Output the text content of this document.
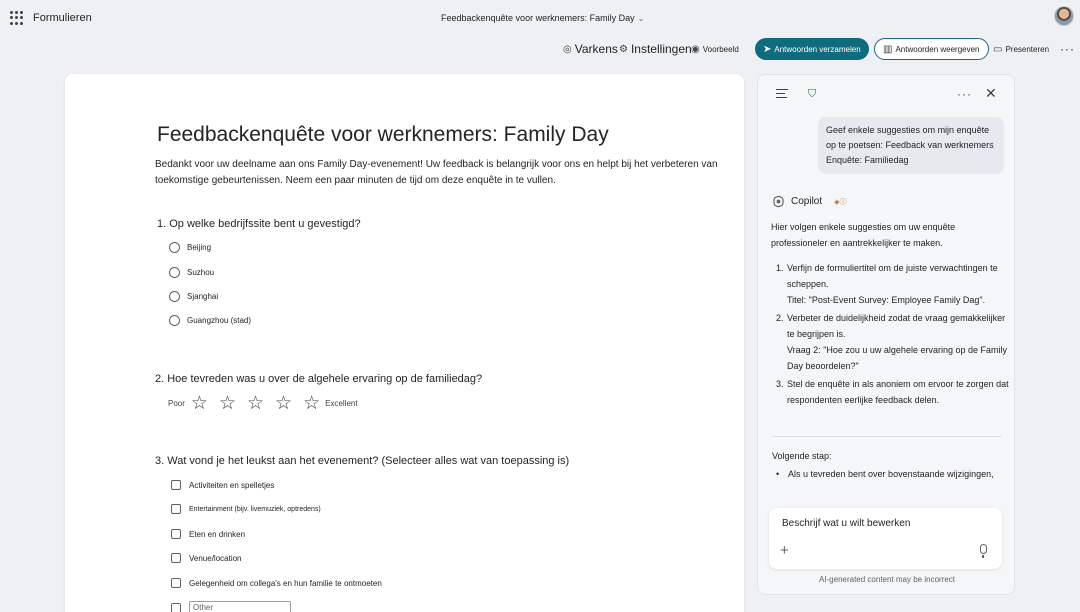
Formulieren	Feedbackenquête voor werknemers: Family Day ⌄
◎ Varkens ⚙ Instellingen ◉ Voorbeeld ➤ Antwoorden verzamelen ▥ Antwoorden weergeven ▭ Presenteren ···
Feedbackenquête voor werknemers: Family Day
Bedankt voor uw deelname aan ons Family Day-evenement! Uw feedback is belangrijk voor ons en helpt bij het verbeteren van toekomstige gebeurtenissen. Neem een paar minuten de tijd om deze enquête in te vullen.
1. Op welke bedrijfssite bent u gevestigd?
Beijing
Suzhou
Sjanghai
Guangzhou (stad)
2. Hoe tevreden was u over de algehele ervaring op de familiedag?
Poor ☆ ☆ ☆ ☆ ☆ Excellent
3. Wat vond je het leukst aan het evenement? (Selecteer alles wat van toepassing is)
Activiteiten en spelletjes
Entertainment (bijv. livemuziek, optredens)
Eten en drinken
Venue/location
Gelegenheid om collega's en hun familie te ontmoeten
Other
⛉	··· ✕
Geef enkele suggesties om mijn enquête op te poetsen: Feedback van werknemers Enquête: Familiedag
Copilot ◈ⓘ
Hier volgen enkele suggesties om uw enquête professioneler en aantrekkelijker te maken.
1. Verfijn de formuliertitel om de juiste verwachtingen te scheppen.
Titel: "Post-Event Survey: Employee Family Dag".
2. Verbeter de duidelijkheid zodat de vraag gemakkelijker te begrijpen is.
Vraag 2: "Hoe zou u uw algehele ervaring op de Family Day beoordelen?"
3. Stel de enquête in als anoniem om ervoor te zorgen dat respondenten eerlijke feedback delen.
Volgende stap:
• Als u tevreden bent over bovenstaande wijzigingen,
Beschrijf wat u wilt bewerken
+
AI-generated content may be incorrect
